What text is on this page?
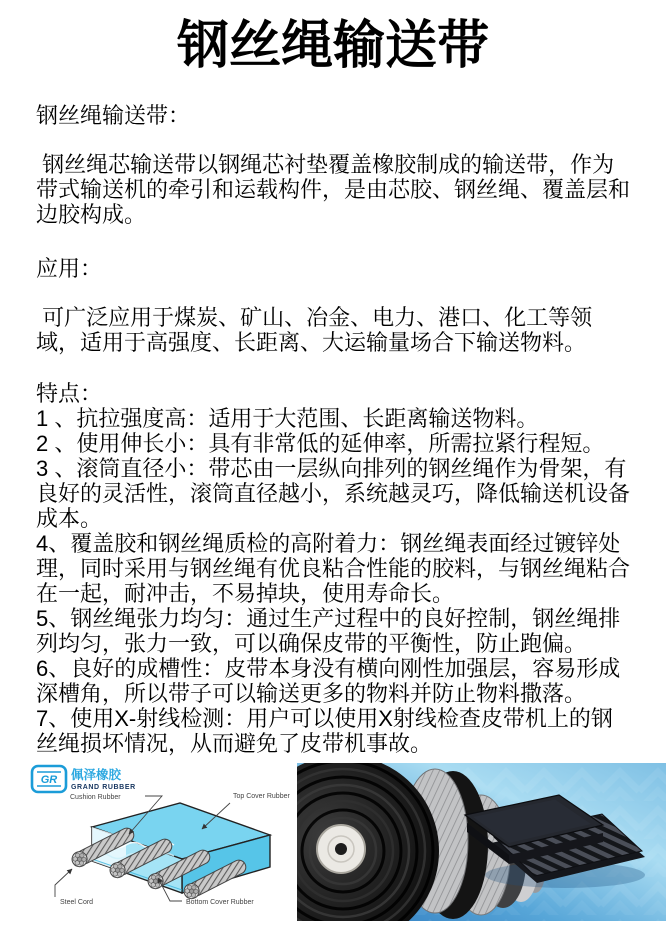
钢丝绳输送带
钢丝绳输送带：
钢丝绳芯输送带以钢绳芯衬垫覆盖橡胶制成的输送带，作为带式输送机的牵引和运载构件，是由芯胶、钢丝绳、覆盖层和边胶构成。
应用：
可广泛应用于煤炭、矿山、冶金、电力、港口、化工等领域，适用于高强度、长距离、大运输量场合下输送物料。
特点：
1 、抗拉强度高：适用于大范围、长距离输送物料。
2 、使用伸长小：具有非常低的延伸率，所需拉紧行程短。
3 、滚筒直径小：带芯由一层纵向排列的钢丝绳作为骨架，有良好的灵活性，滚筒直径越小，系统越灵巧，降低输送机设备成本。
4、覆盖胶和钢丝绳质检的高附着力：钢丝绳表面经过镀锌处理，同时采用与钢丝绳有优良粘合性能的胶料，与钢丝绳粘合在一起，耐冲击，不易掉块，使用寿命长。
5、钢丝绳张力均匀：通过生产过程中的良好控制，钢丝绳排列均匀，张力一致，可以确保皮带的平衡性，防止跑偏。
6、良好的成槽性：皮带本身没有横向刚性加强层，容易形成深槽角，所以带子可以输送更多的物料并防止物料撒落。
7、使用X-射线检测：用户可以使用X射线检查皮带机上的钢丝绳损坏情况，从而避免了皮带机事故。
GR 佩泽橡胶
GRAND RUBBER
Cushion Rubber	Top Cover Rubber
Steel Cord	Bottom Cover Rubber
